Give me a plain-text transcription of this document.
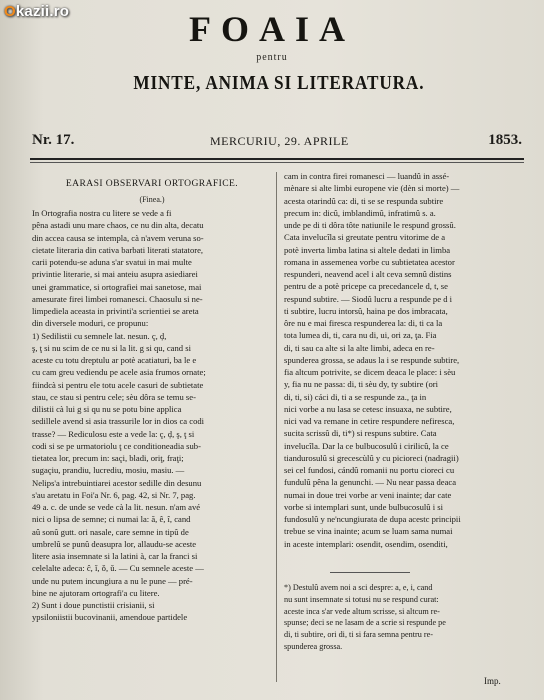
Okazii.ro	FOAIA
pentru
MINTE, ANIMA SI LITERATURA.
Nr. 17.	MERCURIU, 29. APRILE	1853.
EARASI OBSERVARI ORTOGRAFICE.
(Finea.)
In Ortografia nostra cu litere se vede a fi
pêna astadi unu mare chaos, ce nu din alta, decatu
din accea causa se intempla, cà n'avem veruna so-
cietate literaria din cativa barbati literati statatore,
carii potendu-se aduna s'ar svatui in mai multe
privintie literarie, si mai anteiu asupra asiediarei
unei grammatice, si ortografiei mai sanetose, mai
amesurate firei limbei romanesci. Chaosulu si ne-
limpediela aceasta in privinti'a scrientiei se areta
din diversele moduri, ce propunu:
1) Sedilistii cu semnele lat. nesun. ç, ḑ,
ş, ţ si nu scim de ce nu si la lit. g si qu, cand si
aceste cu totu dreptulu ar potè acatiaturi, ba le e
cu cam greu vediendu pe acele asia frumos ornate;
fiindcà si pentru ele totu acele casuri de subtietate
stau, ce stau si pentru cele; sèu dôra se temu se-
dilistii cà lui g si qu nu se potu bine applica
sedillele avend si asia trassurile lor in dios ca codi
trasse? — Rediculosu este a vede la: ç, ḑ, ş, ţ si
codi si se pe urmatoriolu ţ ce conditioneadia sub-
tietatea lor, precum in: saçi, bladi, oriţ, fraţi;
sugaçiu, prandiu, lucrediu, mosiu, masiu. —
Nelips'a intrebuintiarei acestor sedille din desunu
s'au aretatu in Foi'a Nr. 6, pag. 42, si Nr. 7, pag.
49 a. c. de unde se vede cà la lit. nesun. n'am avé
nici o lipsa de semne; ci numai la: ă, ê, î, cand
aû sonû gutt. ori nasale, care semne in tipû de
umbrelû se punû deasupra lor, allaudu-se aceste
litere asia insemnate si la latini à, car la franci si
celelalte adeca: ĉ, ǐ, ǒ, ǔ. — Cu semnele aceste —
unde nu putem incungiura a nu le pune — pré-
bine ne ajutoram ortografi'a cu litere.
2) Sunt i doue punctistii crisianii, si
ypsiloniistii bucovinanii, amendoue partidele
cam in contra firei romanesci — luandû in assé-
mènare si alte limbi europene vie (dèn si morte) —
acesta otarindû ca: di, ti se se respunda subtire
precum in: dicû, imblandimû, infratimû s. a.
unde pe di ti dôra tôte natiunile le respund grossû.
Cata invelucîla si greutate pentru vitorime de a
potè inverta limba latina si altele dedati in limba
romana in assemenea vorbe cu subtietatea acestor
respunderi, neavend acel i alt ceva semnû distins
pentru de a potè pricepe ca precedancele d, t, se
respund subtire. — Siodû lucru a respunde pe d i
ti subtire, lucru intorsû, haina pe dos imbracata,
ôre nu e mai firesca respunderea la: di, ti ca la
tota lumea di, ti, cara nu di, ui, ori za, ţa. Fia
di, ti sau ca alte si la alte limbi, adeca en re-
spunderea grossa, se adaus la i se respunde subtire,
fia altcum potrivite, se dicem deaca le place: i sèu
y, fia nu ne passa: di, ti sèu dy, ty subtire (ori
di, ti, si) cáci di, ti a se respunde za., ţa in
nici vorbe a nu lasa se cetesc insuaxa, ne subtire,
nici vad va remane in cetire respundere nefiresca,
sucita scrissû di, ti*) si respuns subtire. Cata
invelucîla. Dar la ce bulbucosulû i cirilicû, la ce
tiandurosulû si grecescùlû y cu picioreci (nadragii)
sei cel fundosi, cándû romanii nu portu cioreci cu
fundulû pêna la genunchi. — Nu near passa deaca
numai in doue trei vorbe ar veni inainte; dar cate
vorbe si intemplari sunt, unde bulbucosulû i si
fundosulû y ne'ncungiurata de dupa acestc principii
trebue se vina inainte; acum se luam sama numai
in aceste intemplari: osendit, osendim, osenditi,
*) Destulû avem noi a sci despre: a, e, i, cand
nu sunt insemnate si totusi nu se respund curat:
aceste inca s'ar vede altum scrisse, si altcum re-
spunse; deci se ne lasam de a scrie si respunde pe
di, ti subtire, ori di, ti si fara semna pentru re-
spunderea grossa.
Imp.
